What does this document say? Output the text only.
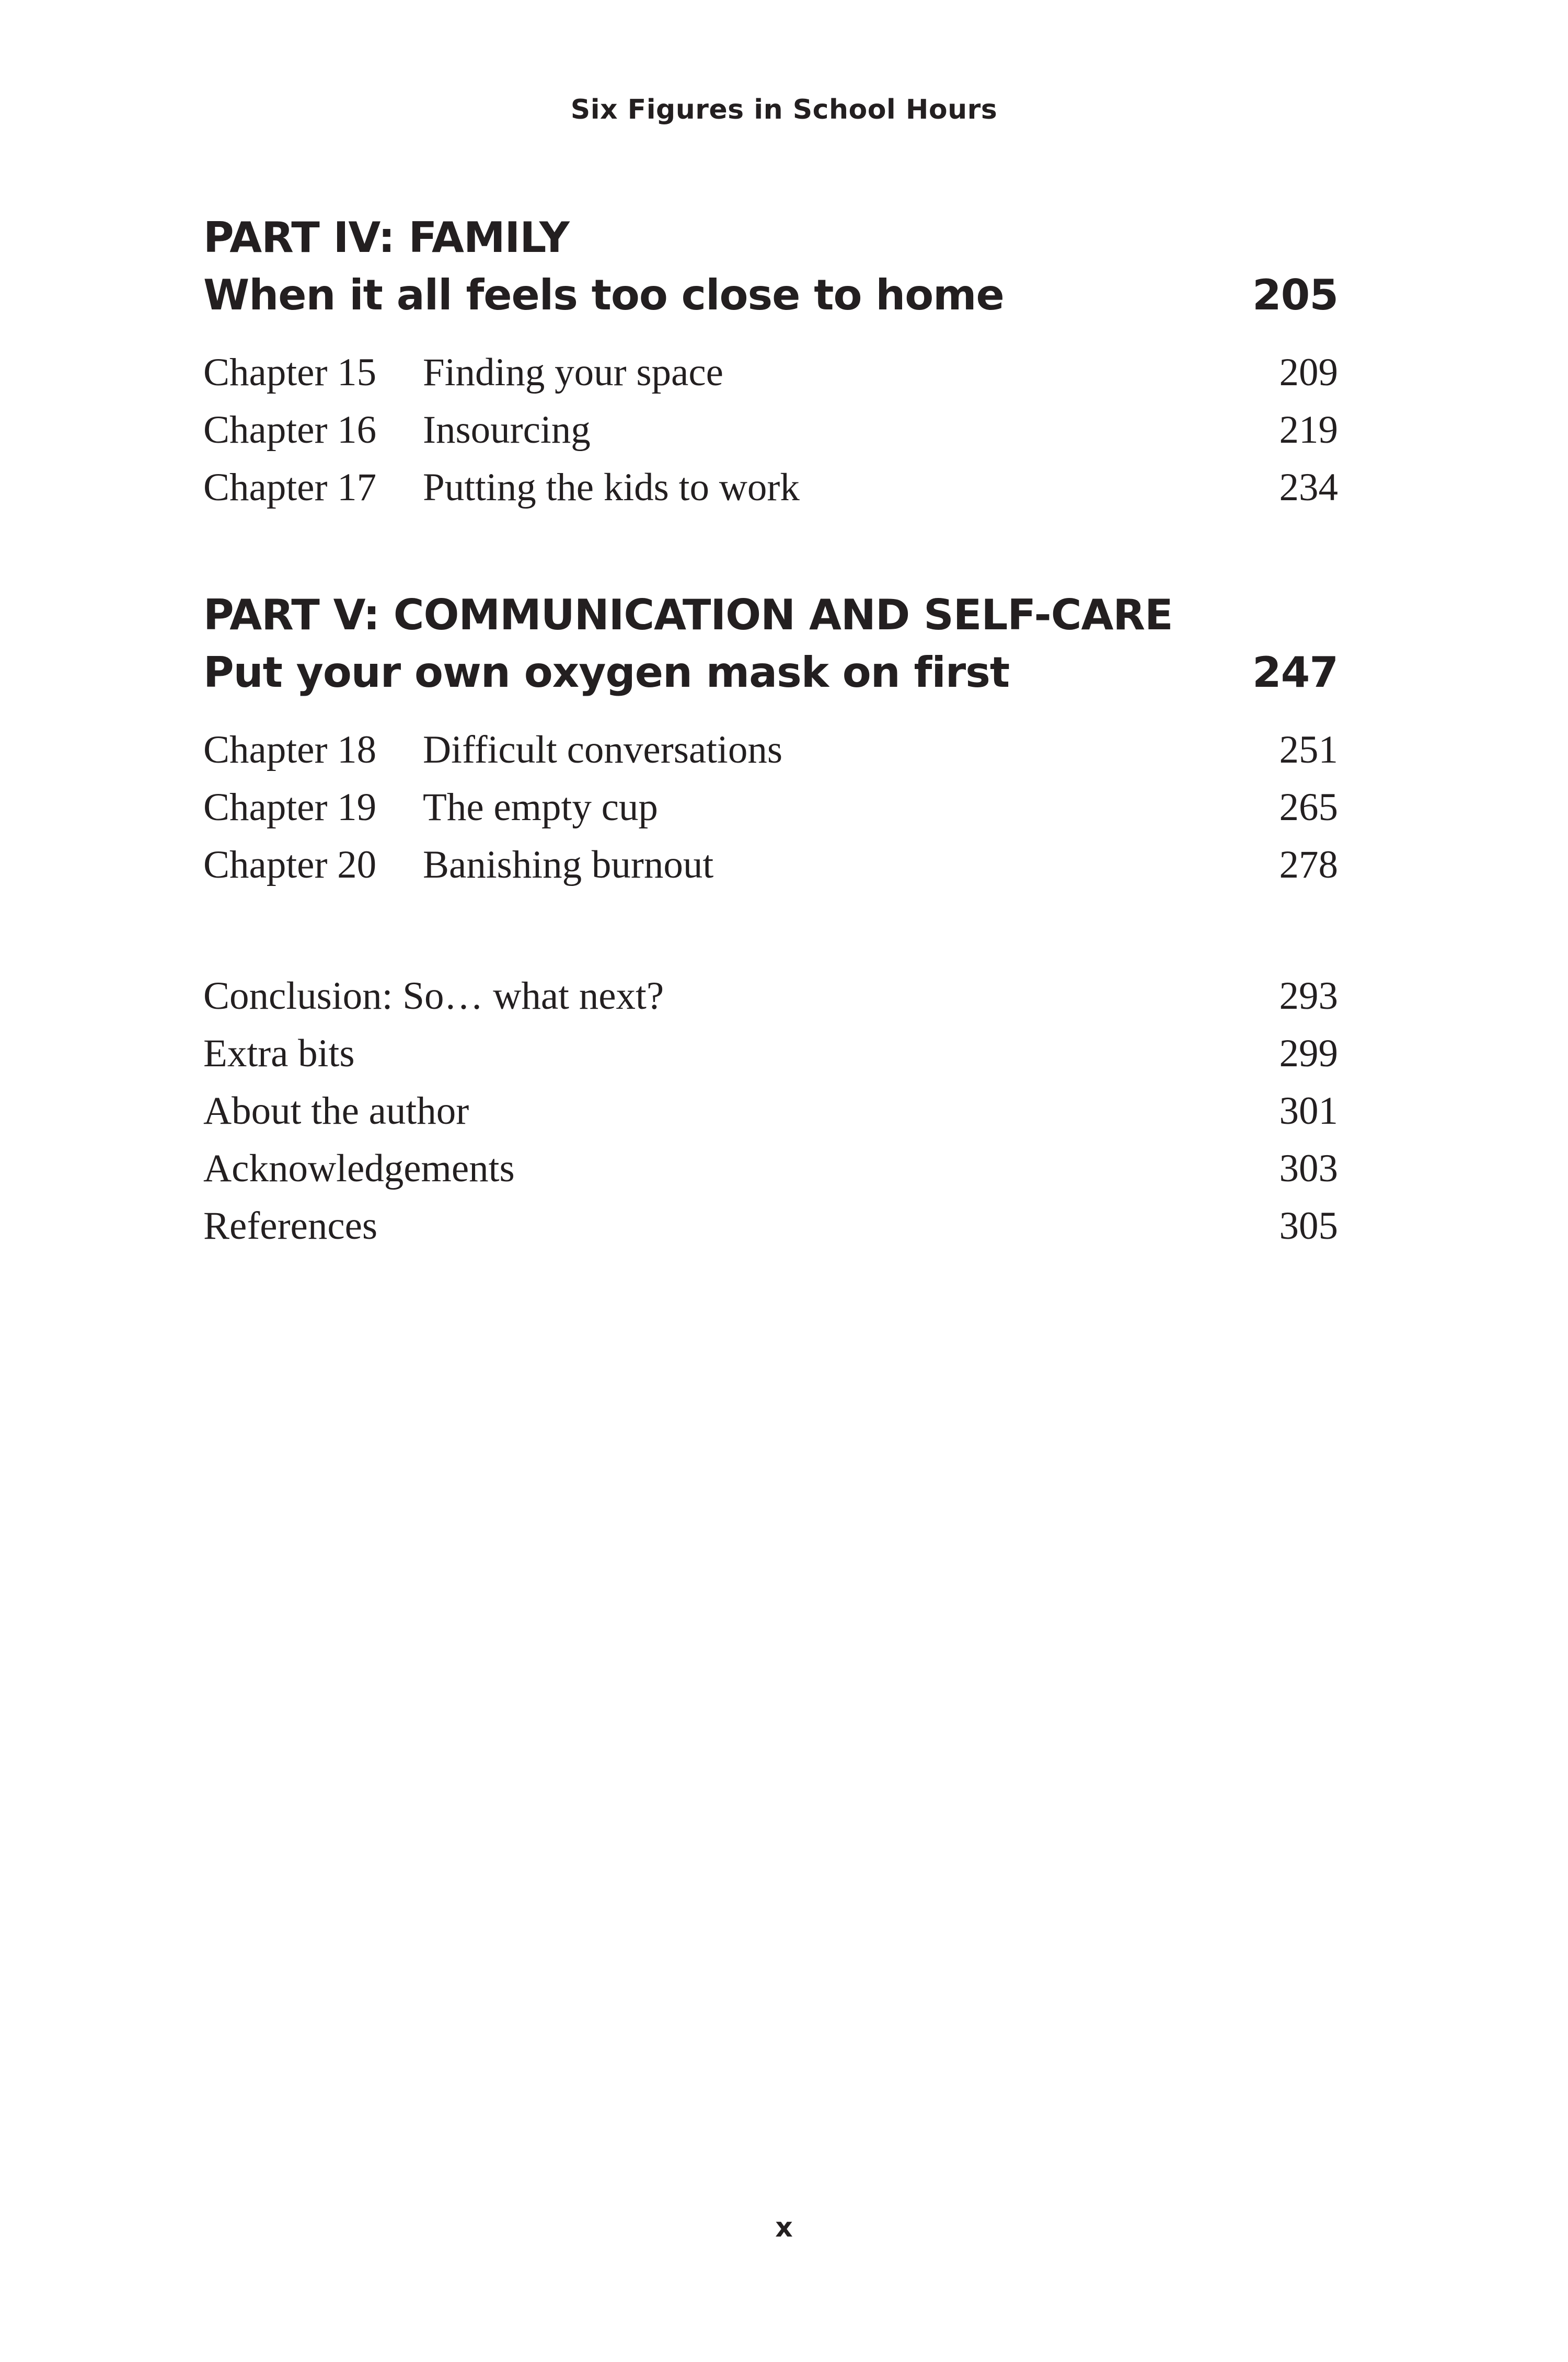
Six Figures in School Hours
PART IV: FAMILY
When it all feels too close to home	205
Chapter 15	Finding your space	209
Chapter 16	Insourcing	219
Chapter 17	Putting the kids to work	234
PART V: COMMUNICATION AND SELF-CARE
Put your own oxygen mask on first	247
Chapter 18	Difficult conversations	251
Chapter 19	The empty cup	265
Chapter 20	Banishing burnout	278
Conclusion: So… what next?	293
Extra bits	299
About the author	301
Acknowledgements	303
References	305
x
